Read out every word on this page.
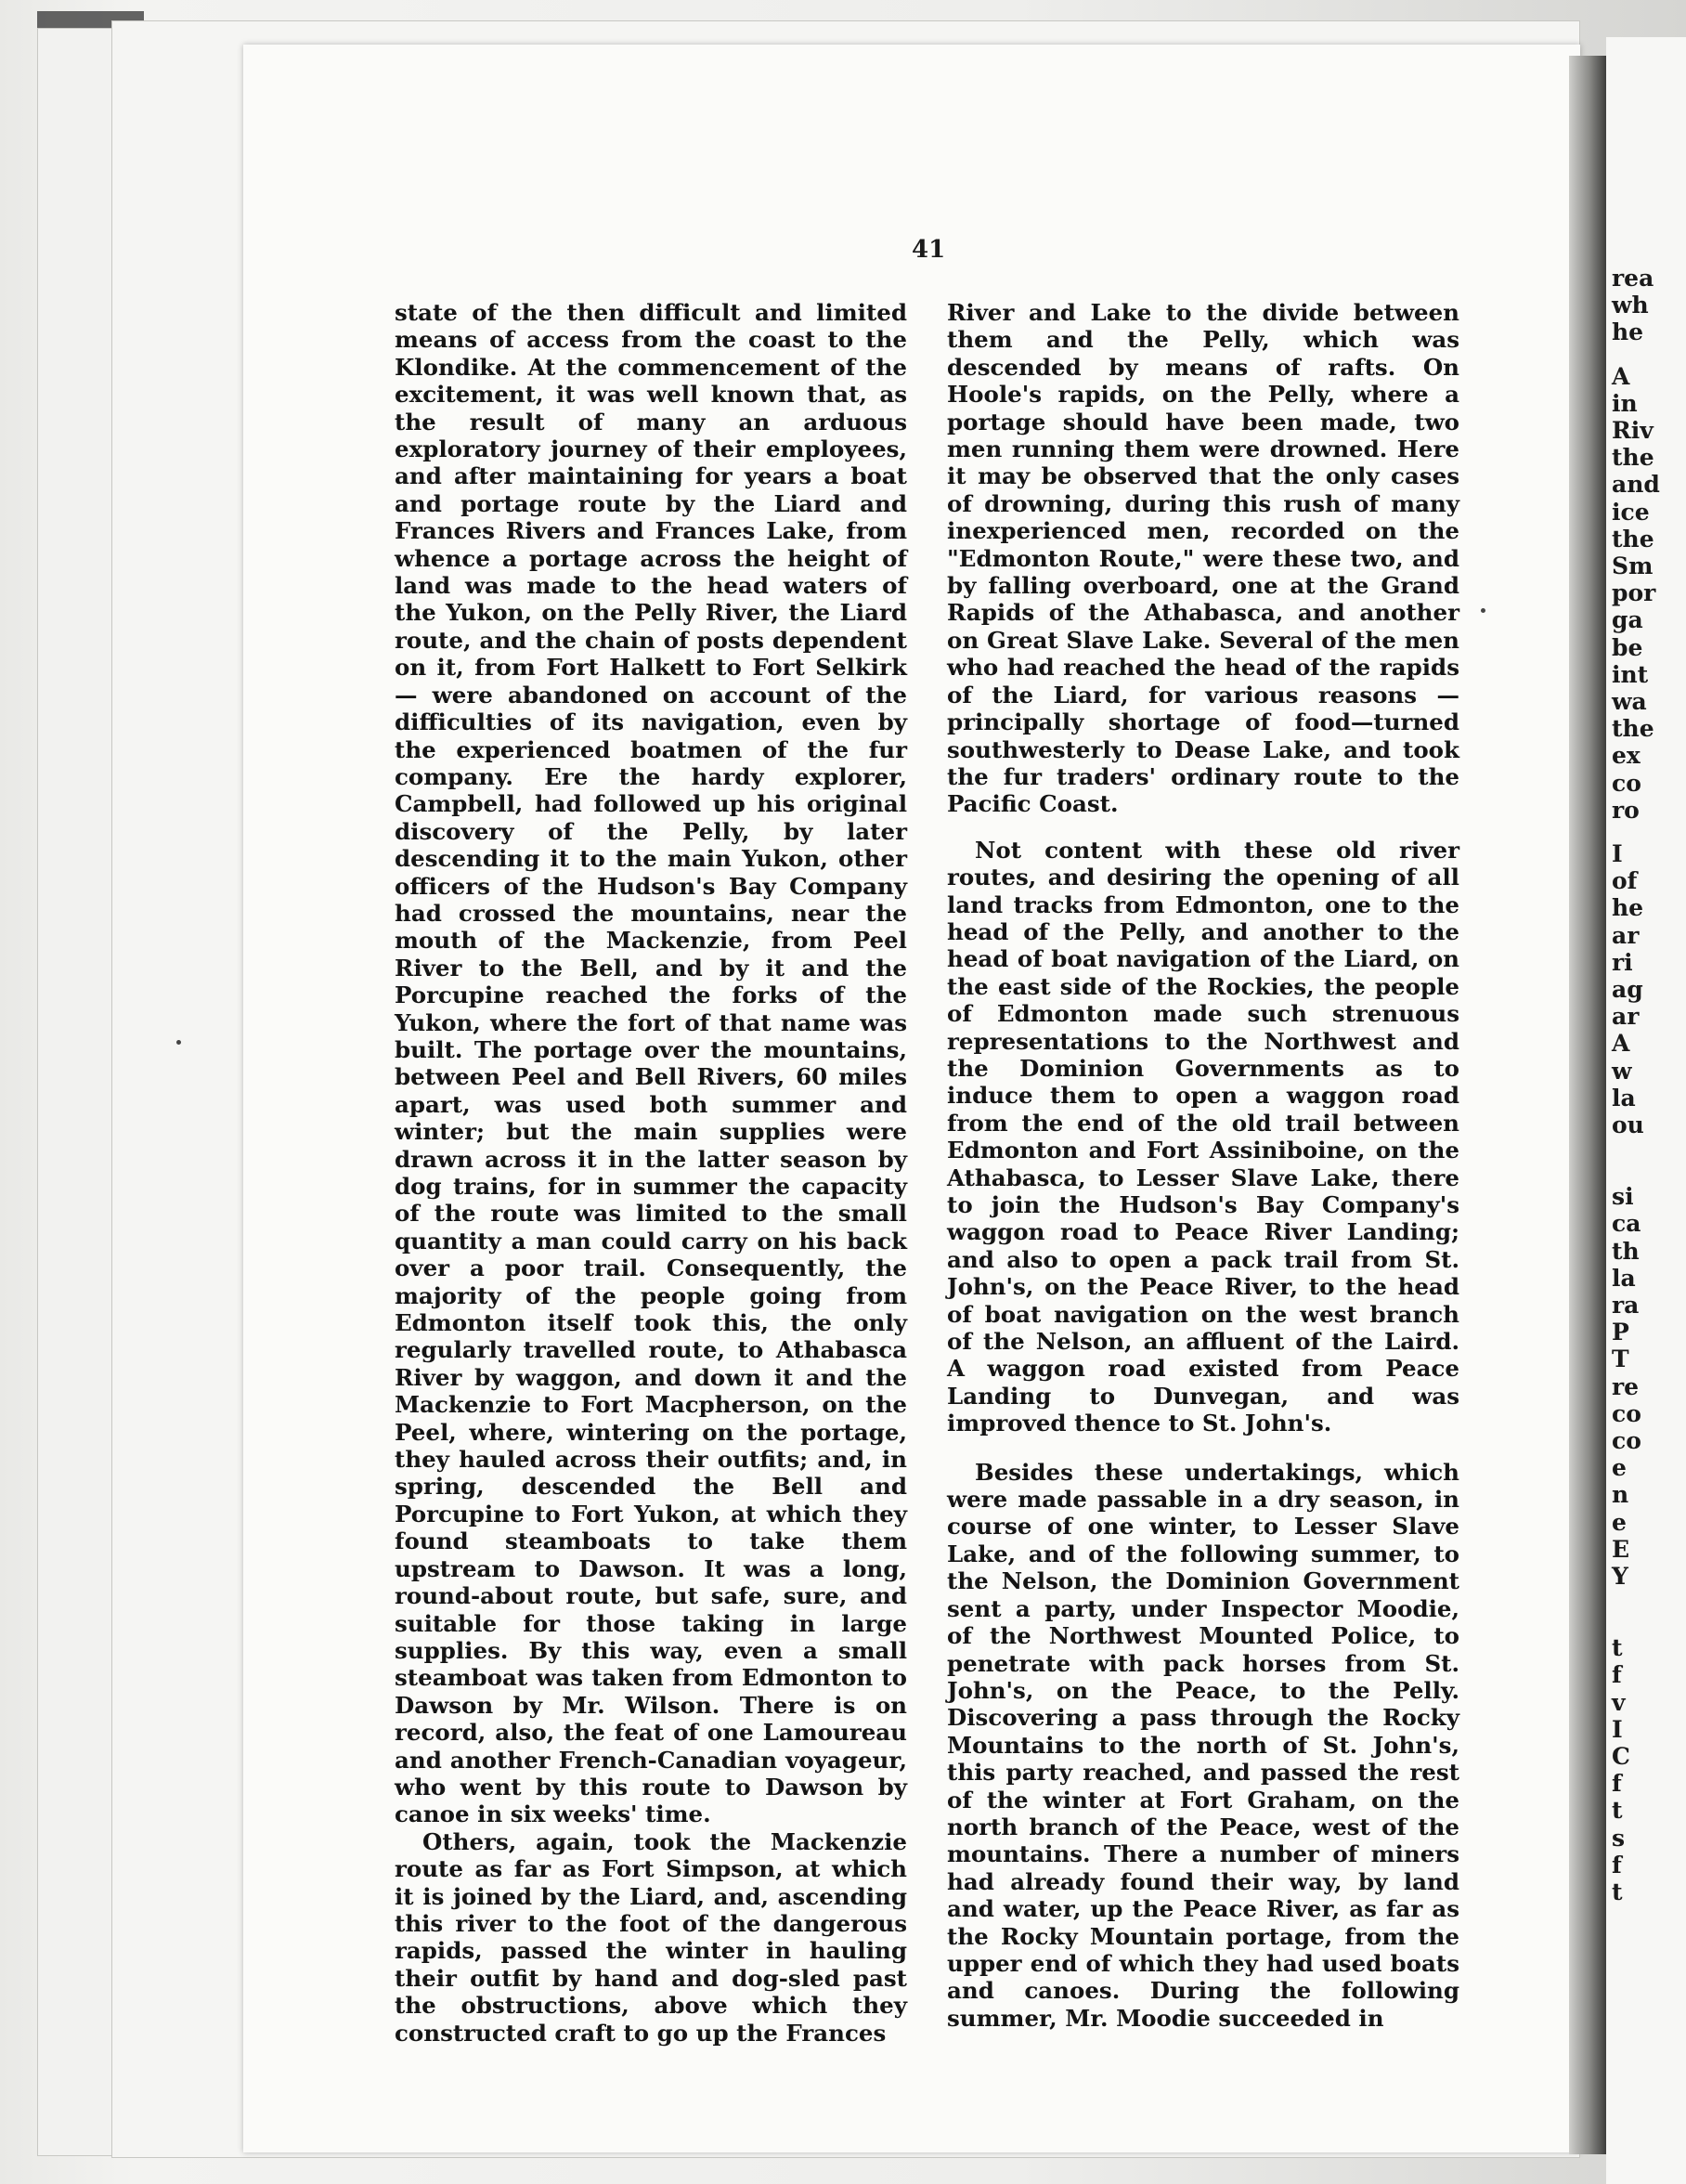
rea
wh
he
A
in
Riv
the
and
ice
the
Sm
por
ga
be
int
wa
the
ex
co
ro
I
of
he
ar
ri
ag
ar
A
w
la
ou
si
ca
th
la
ra
P
T
re
co
co
e
n
e
E
Y
t
f
v
I
C
f
t
s
f
t
41

state of the then difficult and limited means of access from the coast to the Klondike. At the commencement of the excitement, it was well known that, as the result of many an arduous exploratory journey of their employees, and after maintaining for years a boat and portage route by the Liard and Frances Rivers and Frances Lake, from whence a portage across the height of land was made to the head waters of the Yukon, on the Pelly River, the Liard route, and the chain of posts dependent on it, from Fort Halkett to Fort Selkirk — were abandoned on account of the difficulties of its navigation, even by the experienced boatmen of the fur company. Ere the hardy explorer, Campbell, had followed up his original discovery of the Pelly, by later descending it to the main Yukon, other officers of the Hudson's Bay Company had crossed the mountains, near the mouth of the Mackenzie, from Peel River to the Bell, and by it and the Porcupine reached the forks of the Yukon, where the fort of that name was built. The portage over the mountains, between Peel and Bell Rivers, 60 miles apart, was used both summer and winter; but the main supplies were drawn across it in the latter season by dog trains, for in summer the capacity of the route was limited to the small quantity a man could carry on his back over a poor trail. Consequently, the majority of the people going from Edmonton itself took this, the only regularly travelled route, to Athabasca River by waggon, and down it and the Mackenzie to Fort Macpherson, on the Peel, where, wintering on the portage, they hauled across their outfits; and, in spring, descended the Bell and Porcupine to Fort Yukon, at which they found steamboats to take them upstream to Dawson. It was a long, round-about route, but safe, sure, and suitable for those taking in large supplies. By this way, even a small steamboat was taken from Edmonton to Dawson by Mr. Wilson. There is on record, also, the feat of one Lamoureau and another French-Canadian voyageur, who went by this route to Dawson by canoe in six weeks' time.

Others, again, took the Mackenzie route as far as Fort Simpson, at which it is joined by the Liard, and, ascending this river to the foot of the dangerous rapids, passed the winter in hauling their outfit by hand and dog-sled past the obstructions, above which they constructed craft to go up the Frances

River and Lake to the divide between them and the Pelly, which was descended by means of rafts. On Hoole's rapids, on the Pelly, where a portage should have been made, two men running them were drowned. Here it may be observed that the only cases of drowning, during this rush of many inexperienced men, recorded on the "Edmonton Route," were these two, and by falling overboard, one at the Grand Rapids of the Athabasca, and another on Great Slave Lake. Several of the men who had reached the head of the rapids of the Liard, for various reasons —principally shortage of food—turned southwesterly to Dease Lake, and took the fur traders' ordinary route to the Pacific Coast.

Not content with these old river routes, and desiring the opening of all land tracks from Edmonton, one to the head of the Pelly, and another to the head of boat navigation of the Liard, on the east side of the Rockies, the people of Edmonton made such strenuous representations to the Northwest and the Dominion Governments as to induce them to open a waggon road from the end of the old trail between Edmonton and Fort Assiniboine, on the Athabasca, to Lesser Slave Lake, there to join the Hudson's Bay Company's waggon road to Peace River Landing; and also to open a pack trail from St. John's, on the Peace River, to the head of boat navigation on the west branch of the Nelson, an affluent of the Laird. A waggon road existed from Peace Landing to Dunvegan, and was improved thence to St. John's.

Besides these undertakings, which were made passable in a dry season, in course of one winter, to Lesser Slave Lake, and of the following summer, to the Nelson, the Dominion Government sent a party, under Inspector Moodie, of the Northwest Mounted Police, to penetrate with pack horses from St. John's, on the Peace, to the Pelly. Discovering a pass through the Rocky Mountains to the north of St. John's, this party reached, and passed the rest of the winter at Fort Graham, on the north branch of the Peace, west of the mountains. There a number of miners had already found their way, by land and water, up the Peace River, as far as the Rocky Mountain portage, from the upper end of which they had used boats and canoes. During the following summer, Mr. Moodie succeeded in
